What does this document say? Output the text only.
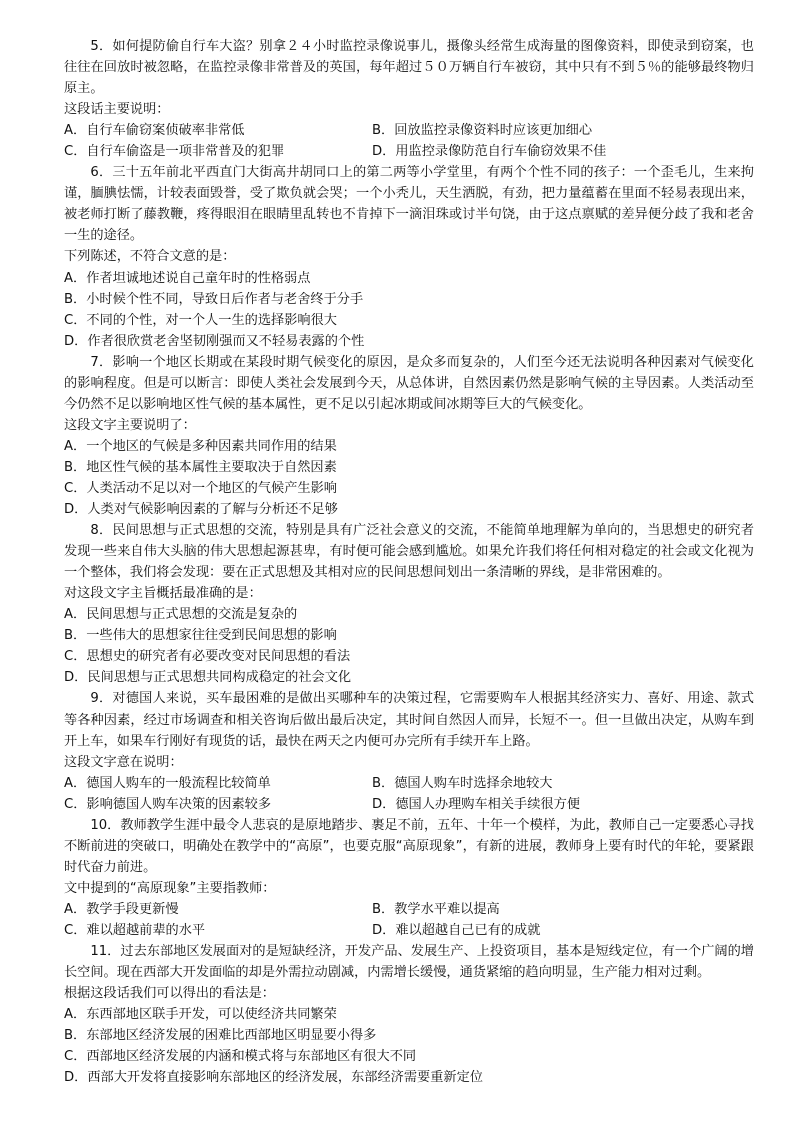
5．如何提防偷自行车大盗？别拿２４小时监控录像说事儿，摄像头经常生成海量的图像资料，即使录到窃案，也往往在回放时被忽略，在监控录像非常普及的英国，每年超过５０万辆自行车被窃，其中只有不到５％的能够最终物归原主。

这段话主要说明：

A．自行车偷窃案侦破率非常低	B．回放监控录像资料时应该更加细心

C．自行车偷盗是一项非常普及的犯罪	D．用监控录像防范自行车偷窃效果不佳

6．三十五年前北平西直门大街高井胡同口上的第二两等小学堂里，有两个个性不同的孩子：一个歪毛儿，生来拘谨，腼腆怯懦，计较表面毁誉，受了欺负就会哭；一个小秃儿，天生洒脱，有劲，把力量蕴蓄在里面不轻易表现出来，被老师打断了藤教鞭，疼得眼泪在眼睛里乱转也不肯掉下一滴泪珠或讨半句饶，由于这点禀赋的差异便分歧了我和老舍一生的途径。

下列陈述，不符合文意的是：

A．作者坦诚地述说自己童年时的性格弱点

B．小时候个性不同，导致日后作者与老舍终于分手

C．不同的个性，对一个人一生的选择影响很大

D．作者很欣赏老舍坚韧刚强而又不轻易表露的个性

7．影响一个地区长期或在某段时期气候变化的原因，是众多而复杂的，人们至今还无法说明各种因素对气候变化的影响程度。但是可以断言：即使人类社会发展到今天，从总体讲，自然因素仍然是影响气候的主导因素。人类活动至今仍然不足以影响地区性气候的基本属性，更不足以引起冰期或间冰期等巨大的气候变化。

这段文字主要说明了：

A．一个地区的气候是多种因素共同作用的结果

B．地区性气候的基本属性主要取决于自然因素

C．人类活动不足以对一个地区的气候产生影响

D．人类对气候影响因素的了解与分析还不足够

8．民间思想与正式思想的交流，特别是具有广泛社会意义的交流，不能简单地理解为单向的，当思想史的研究者发现一些来自伟大头脑的伟大思想起源甚卑，有时便可能会感到尴尬。如果允许我们将任何相对稳定的社会或文化视为一个整体，我们将会发现：要在正式思想及其相对应的民间思想间划出一条清晰的界线，是非常困难的。

对这段文字主旨概括最准确的是：

A．民间思想与正式思想的交流是复杂的

B．一些伟大的思想家往往受到民间思想的影响

C．思想史的研究者有必要改变对民间思想的看法

D．民间思想与正式思想共同构成稳定的社会文化

9．对德国人来说，买车最困难的是做出买哪种车的决策过程，它需要购车人根据其经济实力、喜好、用途、款式等各种因素，经过市场调查和相关咨询后做出最后决定，其时间自然因人而异，长短不一。但一旦做出决定，从购车到开上车，如果车行刚好有现货的话，最快在两天之内便可办完所有手续开车上路。

这段文字意在说明：

A．德国人购车的一般流程比较简单	B．德国人购车时选择余地较大

C．影响德国人购车决策的因素较多	D．德国人办理购车相关手续很方便

10．教师教学生涯中最令人悲哀的是原地踏步、裹足不前，五年、十年一个模样，为此，教师自己一定要悉心寻找不断前进的突破口，明确处在教学中的“高原”，也要克服“高原现象”，有新的进展，教师身上要有时代的年轮，要紧跟时代奋力前进。

文中提到的“高原现象”主要指教师：

A．教学手段更新慢	B．教学水平难以提高

C．难以超越前辈的水平	D．难以超越自己已有的成就

11．过去东部地区发展面对的是短缺经济，开发产品、发展生产、上投资项目，基本是短线定位，有一个广阔的增长空间。现在西部大开发面临的却是外需拉动剧减，内需增长缓慢，通货紧缩的趋向明显，生产能力相对过剩。

根据这段话我们可以得出的看法是：

A．东西部地区联手开发，可以使经济共同繁荣

B．东部地区经济发展的困难比西部地区明显要小得多

C．西部地区经济发展的内涵和模式将与东部地区有很大不同

D．西部大开发将直接影响东部地区的经济发展，东部经济需要重新定位
